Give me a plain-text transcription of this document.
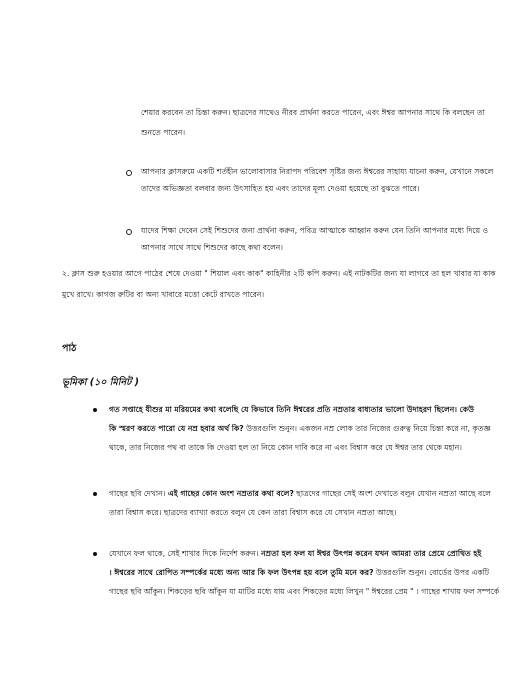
শেয়ার করবেন তা চিন্তা করুন। ছাত্রদের সাথেও নীরব প্রার্থনা করতে পারেন, এবং ঈশ্বর আপনার সাথে কি বলছেন তা
শুনতে পারেন।
আপনার ক্লাসরুমে একটি শর্তহীন ভালোবাসার নিরাপদ পরিবেশ সৃষ্টির জন্য ঈশ্বরের সাহায্য যাচনা করুন, যেখানে সকলে
তাদের অভিজ্ঞতা বলবার জন্য উৎসাহিত হয় এবং তাদের মূল্য দেওয়া হয়েছে তা বুঝতে পারে।
যাদের শিক্ষা দেবেন সেই শিশুদের জন্য প্রার্থনা করুন, পবিত্র আত্মাকে আহ্বান করুন যেন তিনি আপনার মধ্যে দিয়ে ও
আপনার সাথে সাথে শিশুদের কাছে কথা বলেন।
২. ক্লাস শুরু হওয়ার আগে পাঠের শেষে দেওয়া " শিয়াল এবং কাক" কাহিনীর ২টি কপি করুন। এই নাটকটির জন্য যা লাগবে তা হল খাবার যা কাক
মুখে রাখে। কাগজ রুটির বা অন্য খাবারে মত্তো কেটে রাখতে পারেন।
পাঠ
ভূমিকা (১০ মিনিট )
গত সপ্তাহে যীশুর মা মরিয়মের কথা বলেছি যে কিভাবে তিনি ঈশ্বরের প্রতি নম্রতার বাধ্যতার ভালো উদাহরণ ছিলেন। কেউ
কি স্মরণ করতে পারো যে নম্র হবার অর্থ কি? উত্তরগুলি শুনুন। একজন নম্র লোক তার নিজের গুরুত্ব নিয়ে চিন্তা করে না, কৃতজ্ঞ
থাকে, তার নিজের পথ বা তাকে কি দেওয়া হল তা নিয়ে কোন দাবি করে না এবং বিশ্বাস করে যে ঈশ্বর তার থেকে মহান।
গাছের ছবি দেখান। এই গাছের কোন অংশ নম্রতার কথা বলে? ছাত্রদের গাছের সেই অংশ দেখাতে বলুন যেখান নম্রতা আছে বলে
তারা বিশ্বাস করে। ছাত্রদের ব্যাখ্যা করতে বলুন যে কেন তারা বিশ্বাস করে যে সেখান নম্রতা আছে।
যেখানে ফল থাকে, সেই শাখার দিকে নির্দেশ করুন। নম্রতা হল ফল যা ঈশ্বর উৎপন্ন করেন যখন আমরা তার প্রেমে প্রোথিত হই
। ঈশ্বরের সাথে রোপিত সম্পর্কের মধ্যে অন্য আর কি ফল উৎপন্ন হয় বলে তুমি মনে কর? উত্তরগুলি শুনুন। বোর্ডের উপর একটি
গাছের ছবি আঁকুন। শিকড়ের ছবি আঁকুন যা মাটির মধ্যে যায় এবং শিকড়ের মধ্যে লিখুন " ঈশ্বরের প্রেম " । গাছের শাখায় ফল সম্পর্কে
